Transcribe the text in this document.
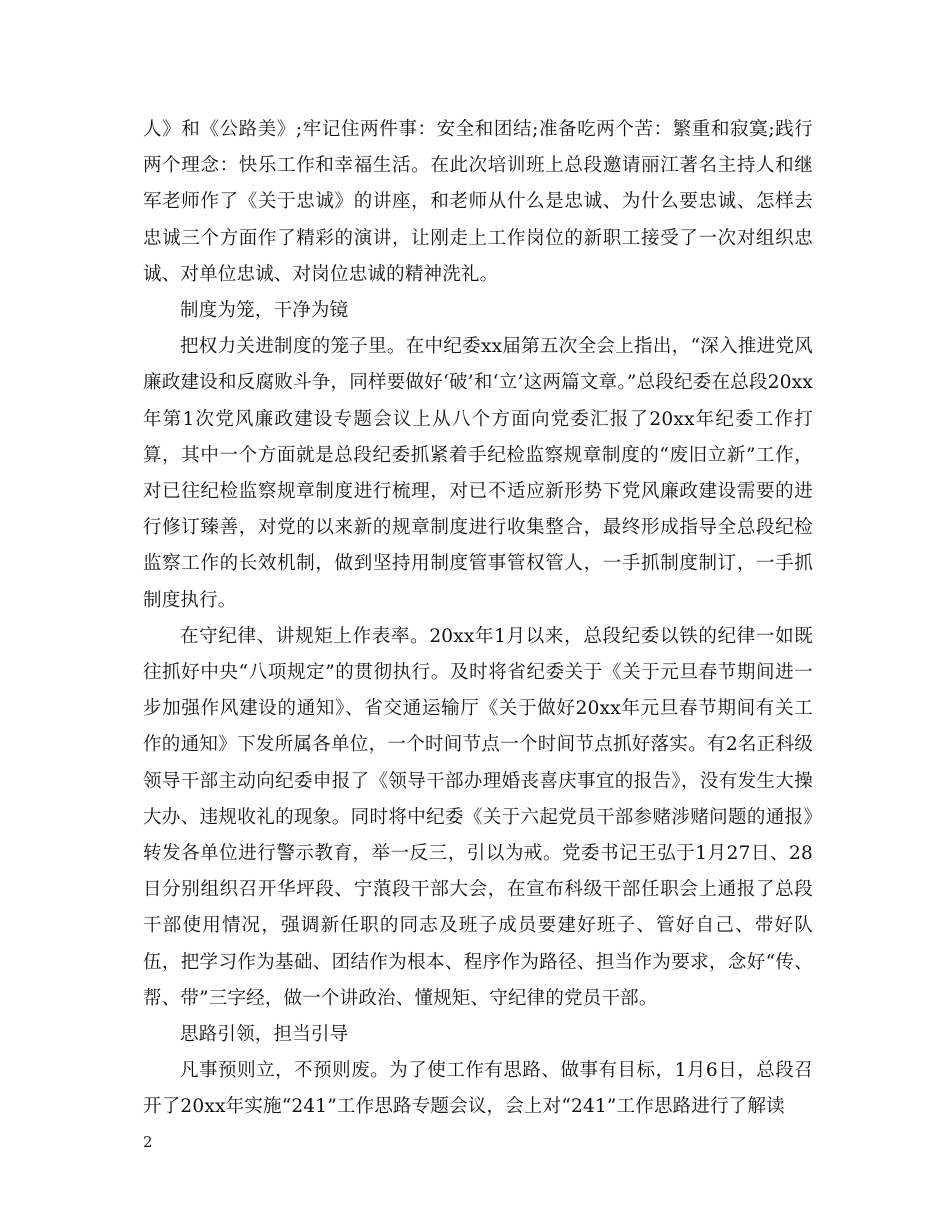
人》和《公路美》;牢记住两件事：安全和团结;准备吃两个苦：繁重和寂寞;践行两个理念：快乐工作和幸福生活。在此次培训班上总段邀请丽江著名主持人和继军老师作了《关于忠诚》的讲座，和老师从什么是忠诚、为什么要忠诚、怎样去忠诚三个方面作了精彩的演讲，让刚走上工作岗位的新职工接受了一次对组织忠诚、对单位忠诚、对岗位忠诚的精神洗礼。

制度为笼，干净为镜

把权力关进制度的笼子里。在中纪委xx届第五次全会上指出，“深入推进党风廉政建设和反腐败斗争，同样要做好‘破’和‘立’这两篇文章。”总段纪委在总段20xx年第1次党风廉政建设专题会议上从八个方面向党委汇报了20xx年纪委工作打算，其中一个方面就是总段纪委抓紧着手纪检监察规章制度的“废旧立新”工作，对已往纪检监察规章制度进行梳理，对已不适应新形势下党风廉政建设需要的进行修订臻善，对党的以来新的规章制度进行收集整合，最终形成指导全总段纪检监察工作的长效机制，做到坚持用制度管事管权管人，一手抓制度制订，一手抓制度执行。

在守纪律、讲规矩上作表率。20xx年1月以来，总段纪委以铁的纪律一如既往抓好中央“八项规定”的贯彻执行。及时将省纪委关于《关于元旦春节期间进一步加强作风建设的通知》、省交通运输厅《关于做好20xx年元旦春节期间有关工作的通知》下发所属各单位，一个时间节点一个时间节点抓好落实。有2名正科级领导干部主动向纪委申报了《领导干部办理婚丧喜庆事宜的报告》，没有发生大操大办、违规收礼的现象。同时将中纪委《关于六起党员干部参赌涉赌问题的通报》转发各单位进行警示教育，举一反三，引以为戒。党委书记王弘于1月27日、28日分别组织召开华坪段、宁蒗段干部大会，在宣布科级干部任职会上通报了总段干部使用情况，强调新任职的同志及班子成员要建好班子、管好自己、带好队伍，把学习作为基础、团结作为根本、程序作为路径、担当作为要求，念好“传、帮、带”三字经，做一个讲政治、懂规矩、守纪律的党员干部。

思路引领，担当引导

凡事预则立，不预则废。为了使工作有思路、做事有目标，1月6日，总段召开了20xx年实施“241”工作思路专题会议，会上对“241”工作思路进行了解读

2
